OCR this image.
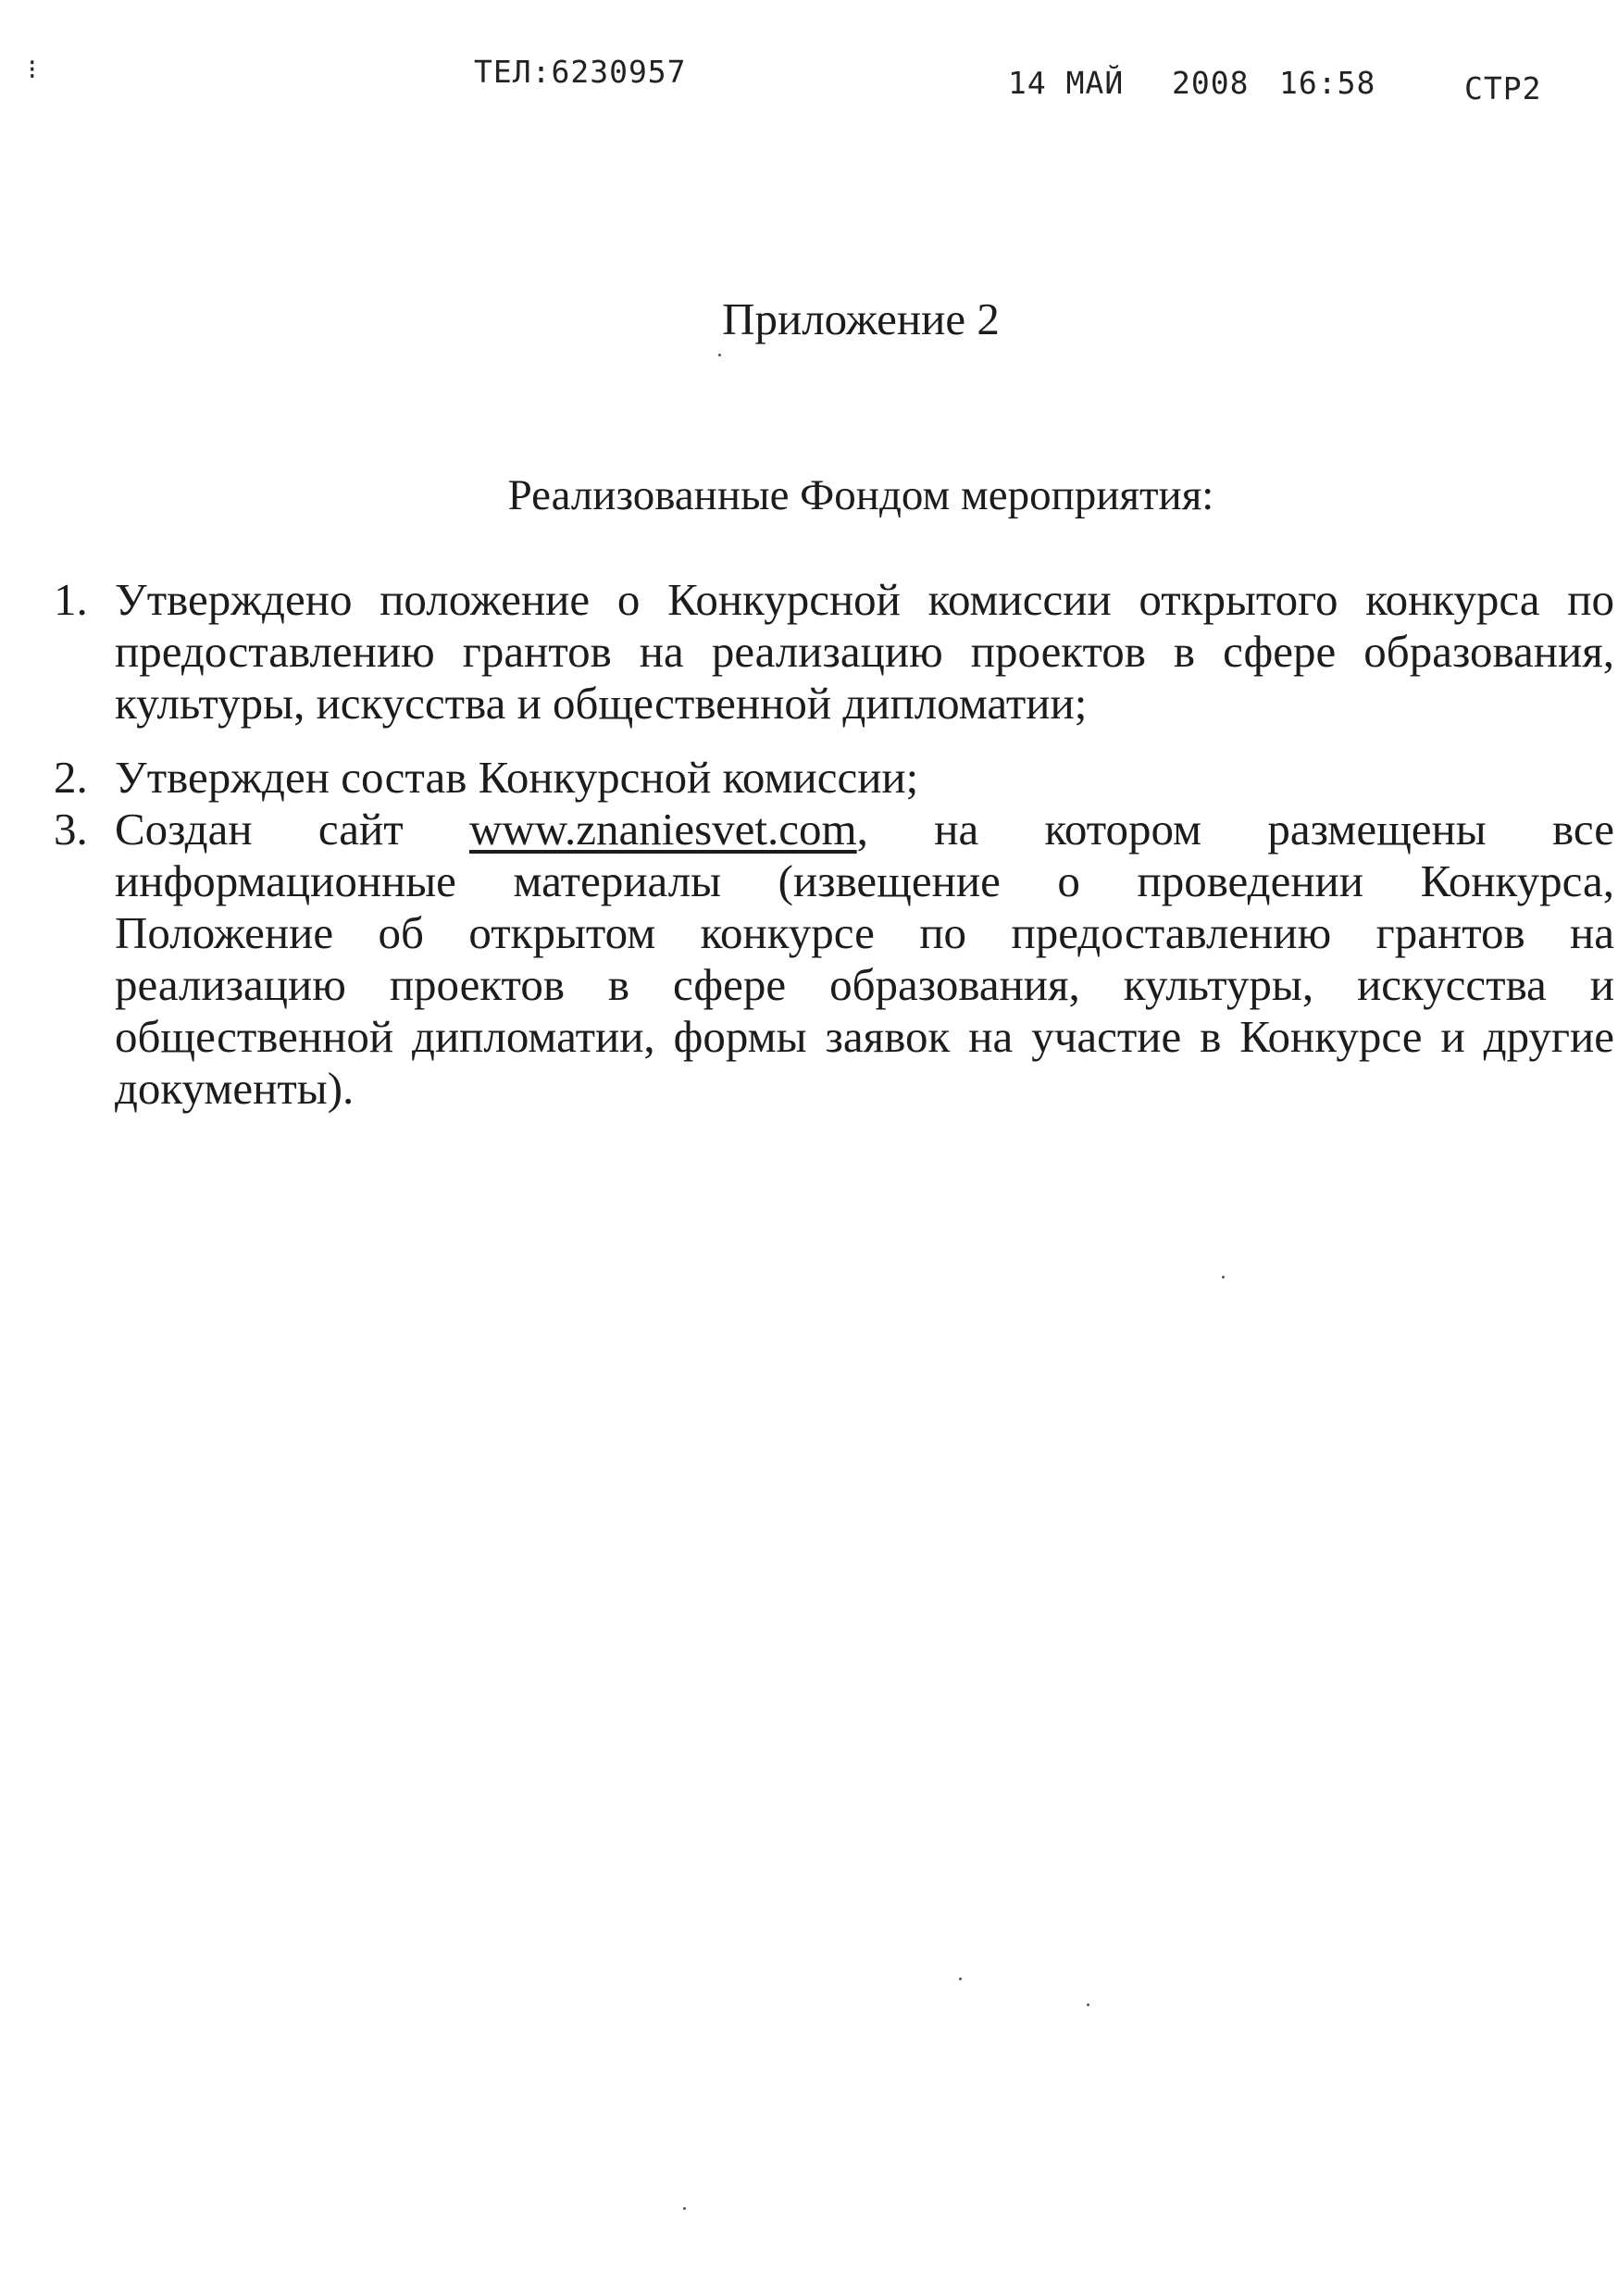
⁝	ТЕЛ:6230957	14 МАЙ 2008 16:58	СТР2
Приложение 2
Реализованные Фондом мероприятия:
1. Утверждено положение о Конкурсной комиссии открытого конкурса по предоставлению грантов на реализацию проектов в сфере образования, культуры, искусства и общественной дипломатии;
2. Утвержден состав Конкурсной комиссии;
3. Создан сайт www.znaniesvet.com, на котором размещены все информационные материалы (извещение о проведении Конкурса, Положение об открытом конкурсе по предоставлению грантов на реализацию проектов в сфере образования, культуры, искусства и общественной дипломатии, формы заявок на участие в Конкурсе и другие документы).
